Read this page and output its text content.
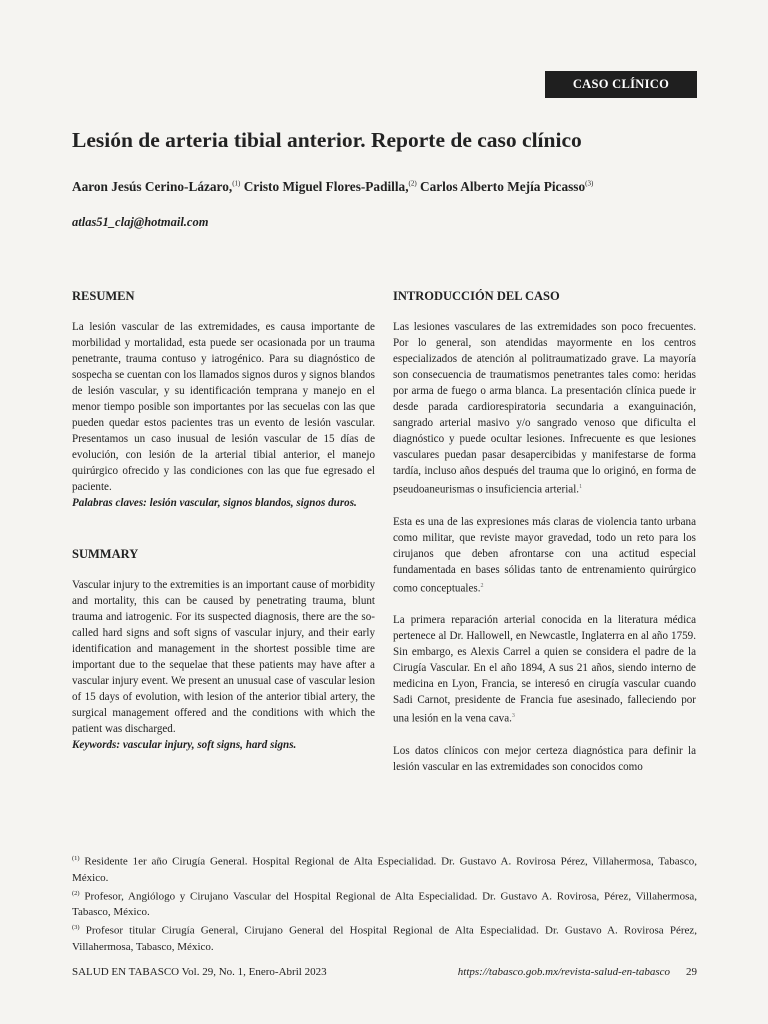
CASO CLÍNICO
Lesión de arteria tibial anterior. Reporte de caso clínico
Aaron Jesús Cerino-Lázaro,$^{(1)}$ Cristo Miguel Flores-Padilla,$^{(2)}$ Carlos Alberto Mejía Picasso$^{(3)}$
atlas51_claj@hotmail.com
RESUMEN

La lesión vascular de las extremidades, es causa importante de morbilidad y mortalidad, esta puede ser ocasionada por un trauma penetrante, trauma contuso y iatrogénico. Para su diagnóstico de sospecha se cuentan con los llamados signos duros y signos blandos de lesión vascular, y su identificación temprana y manejo en el menor tiempo posible son importantes por las secuelas con las que pueden quedar estos pacientes tras un evento de lesión vascular. Presentamos un caso inusual de lesión vascular de 15 días de evolución, con lesión de la arterial tibial anterior, el manejo quirúrgico ofrecido y las condiciones con las que fue egresado el paciente.

Palabras claves: lesión vascular, signos blandos, signos duros.

SUMMARY

Vascular injury to the extremities is an important cause of morbidity and mortality, this can be caused by penetrating trauma, blunt trauma and iatrogenic. For its suspected diagnosis, there are the so-called hard signs and soft signs of vascular injury, and their early identification and management in the shortest possible time are important due to the sequelae that these patients may have after a vascular injury event. We present an unusual case of vascular lesion of 15 days of evolution, with lesion of the anterior tibial artery, the surgical management offered and the conditions with which the patient was discharged.

Keywords: vascular injury, soft signs, hard signs.

INTRODUCCIÓN DEL CASO

Las lesiones vasculares de las extremidades son poco frecuentes. Por lo general, son atendidas mayormente en los centros especializados de atención al politraumatizado grave. La mayoría son consecuencia de traumatismos penetrantes tales como: heridas por arma de fuego o arma blanca. La presentación clínica puede ir desde parada cardiorespiratoria secundaria a exanguinación, sangrado arterial masivo y/o sangrado venoso que dificulta el diagnóstico y puede ocultar lesiones. Infrecuente es que lesiones vasculares puedan pasar desapercibidas y manifestarse de forma tardía, incluso años después del trauma que lo originó, en forma de pseudoaneurismas o insuficiencia arterial.$^1$

Esta es una de las expresiones más claras de violencia tanto urbana como militar, que reviste mayor gravedad, todo un reto para los cirujanos que deben afrontarse con una actitud especial fundamentada en bases sólidas tanto de entrenamiento quirúrgico como conceptuales.$^2$

La primera reparación arterial conocida en la literatura médica pertenece al Dr. Hallowell, en Newcastle, Inglaterra en al año 1759. Sin embargo, es Alexis Carrel a quien se considera el padre de la Cirugía Vascular. En el año 1894, A sus 21 años, siendo interno de medicina en Lyon, Francia, se interesó en cirugía vascular cuando Sadi Carnot, presidente de Francia fue asesinado, falleciendo por una lesión en la vena cava.$^3$

Los datos clínicos con mejor certeza diagnóstica para definir la lesión vascular en las extremidades son conocidos como

$^{(1)}$ Residente 1er año Cirugía General. Hospital Regional de Alta Especialidad. Dr. Gustavo A. Rovirosa Pérez, Villahermosa, Tabasco, México.

$^{(2)}$ Profesor, Angiólogo y Cirujano Vascular del Hospital Regional de Alta Especialidad. Dr. Gustavo A. Rovirosa, Pérez, Villahermosa, Tabasco, México.

$^{(3)}$ Profesor titular Cirugía General, Cirujano General del Hospital Regional de Alta Especialidad. Dr. Gustavo A. Rovirosa Pérez, Villahermosa, Tabasco, México.

SALUD EN TABASCO Vol. 29, No. 1, Enero-Abril 2023	https://tabasco.gob.mx/revista-salud-en-tabasco 29
